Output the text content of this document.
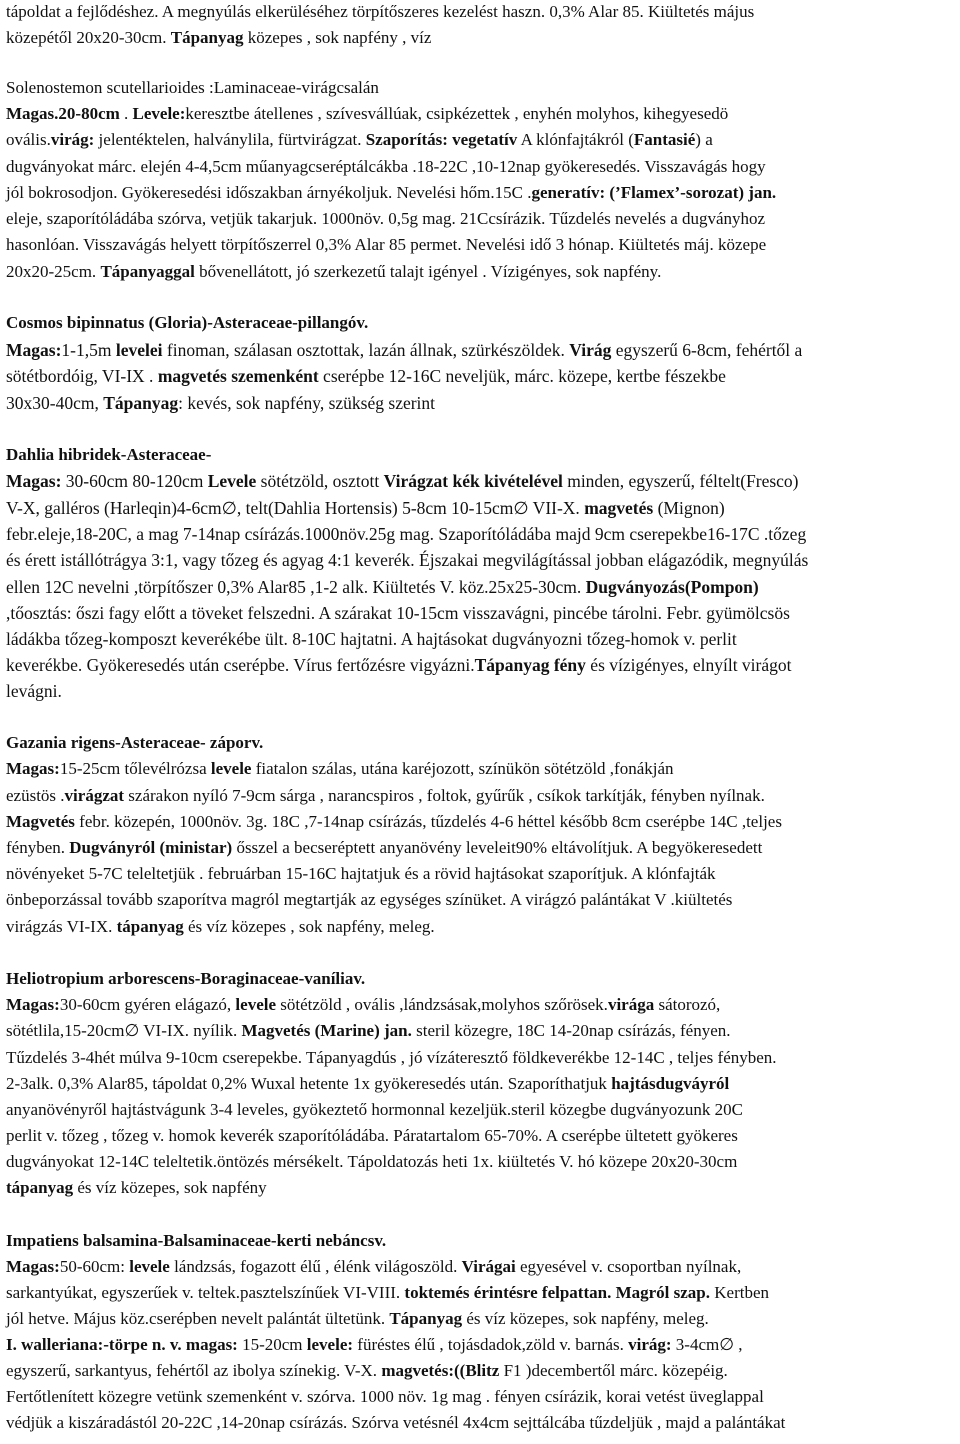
tápoldat a fejlődéshez. A megnyúlás elkerüléséhez törpítőszeres kezelést haszn. 0,3% Alar 85. Kiültetés május
közepétől 20x20-30cm. Tápanyag közepes , sok napfény , víz
Solenostemon scutellarioides :Laminaceae-virágcsalán
Magas.20-80cm . Levele:keresztbe átellenes , szívesvállúak, csipkézettek , enyhén molyhos, kihegyesedö
ovális.virág: jelentéktelen, halványlila, fürtvirágzat. Szaporítás: vegetatív A klónfajtákról (Fantasié) a
dugványokat márc. elején 4-4,5cm műanyagcseréptálcákba .18-22C ,10-12nap gyökeresedés. Visszavágás hogy
jól bokrosodjon. Gyökeresedési időszakban árnyékoljuk. Nevelési hőm.15C .generatív: (’Flamex’-sorozat) jan.
eleje, szaporítóládába szórva, vetjük takarjuk. 1000növ. 0,5g mag. 21Ccsírázik. Tűzdelés nevelés a dugványhoz
hasonlóan. Visszavágás helyett törpítőszerrel 0,3% Alar 85 permet. Nevelési idő 3 hónap. Kiültetés máj. közepe
20x20-25cm. Tápanyaggal bővenellátott, jó szerkezetű talajt igényel . Vízigényes, sok napfény.
Cosmos bipinnatus (Gloria)-Asteraceae-pillangóv.
Magas:1-1,5m levelei finoman, szálasan osztottak, lazán állnak, szürkészöldek. Virág egyszerű 6-8cm, fehértől a
sötétbordóig, VI-IX . magvetés szemenként cserépbe 12-16C neveljük, márc. közepe, kertbe fészekbe
30x30-40cm, Tápanyag: kevés, sok napfény, szükség szerint
Dahlia hibridek-Asteraceae-
Magas: 30-60cm 80-120cm Levele sötétzöld, osztott Virágzat kék kivételével minden, egyszerű, féltelt(Fresco)
V-X, galléros (Harleqin)4-6cm∅, telt(Dahlia Hortensis) 5-8cm 10-15cm∅ VII-X. magvetés (Mignon)
febr.eleje,18-20C, a mag 7-14nap csírázás.1000növ.25g mag. Szaporítóládába majd 9cm cserepekbe16-17C .tőzeg
és érett istállótrágya 3:1, vagy tőzeg és agyag 4:1 keverék. Éjszakai megvilágítással jobban elágazódik, megnyúlás
ellen 12C nevelni ,törpítőszer 0,3% Alar85 ,1-2 alk. Kiültetés V. köz.25x25-30cm. Dugványozás(Pompon)
,tőosztás: őszi fagy előtt a töveket felszedni. A szárakat 10-15cm visszavágni, pincébe tárolni. Febr. gyümölcsös
ládákba tőzeg-komposzt keverékébe ült. 8-10C hajtatni. A hajtásokat dugványozni tőzeg-homok v. perlit
keverékbe. Gyökeresedés után cserépbe. Vírus fertőzésre vigyázni.Tápanyag fény és vízigényes, elnyílt virágot
levágni.
Gazania rigens-Asteraceae- záporv.
Magas:15-25cm tőlevélrózsa levele fiatalon szálas, utána karéjozott, színükön sötétzöld ,fonákján
ezüstös .virágzat szárakon nyíló 7-9cm sárga , narancspiros , foltok, gyűrűk , csíkok tarkítják, fényben nyílnak.
Magvetés febr. közepén, 1000növ. 3g. 18C ,7-14nap csírázás, tűzdelés 4-6 héttel később 8cm cserépbe 14C ,teljes
fényben. Dugványról (ministar) ősszel a becseréptett anyanövény leveleit90% eltávolítjuk. A begyökeresedett
növényeket 5-7C teleltetjük . februárban 15-16C hajtatjuk és a rövid hajtásokat szaporítjuk. A klónfajták
önbeporzással tovább szaporítva magról megtartják az egységes színüket. A virágzó palántákat V .kiültetés
virágzás VI-IX. tápanyag és víz közepes , sok napfény, meleg.
Heliotropium arborescens-Boraginaceae-vaníliav.
Magas:30-60cm gyéren elágazó, levele sötétzöld , ovális ,lándzsásak,molyhos szőrösek.virága sátorozó,
sötétlila,15-20cm∅ VI-IX. nyílik. Magvetés (Marine) jan. steril közegre, 18C 14-20nap csírázás, fényen.
Tűzdelés 3-4hét múlva 9-10cm cserepekbe. Tápanyagdús , jó vízáteresztő földkeverékbe 12-14C , teljes fényben.
2-3alk. 0,3% Alar85, tápoldat 0,2% Wuxal hetente 1x gyökeresedés után. Szaporíthatjuk hajtásdugváyról
anyanövényről hajtástvágunk 3-4 leveles, gyökeztető hormonnal kezeljük.steril közegbe dugványozunk 20C
perlit v. tőzeg , tőzeg v. homok keverék szaporítóládába. Páratartalom 65-70%. A cserépbe ültetett gyökeres
dugványokat 12-14C teleltetik.öntözés mérsékelt. Tápoldatozás heti 1x. kiültetés V. hó közepe 20x20-30cm
tápanyag és víz közepes, sok napfény
Impatiens balsamina-Balsaminaceae-kerti nebáncsv.
Magas:50-60cm: levele lándzsás, fogazott élű , élénk világoszöld. Virágai egyesével v. csoportban nyílnak,
sarkantyúkat, egyszerűek v. teltek.pasztelszínűek VI-VIII. toktemés érintésre felpattan. Magról szap. Kertben
jól hetve. Május köz.cserépben nevelt palántát ültetünk. Tápanyag és víz közepes, sok napfény, meleg.
I. walleriana:-törpe n. v. magas: 15-20cm levele: füréstes élű , tojásdadok,zöld v. barnás. virág: 3-4cm∅ ,
egyszerű, sarkantyus, fehértől az ibolya színekig. V-X. magvetés:((Blitz F1 )decembertől márc. közepéig.
Fertőtlenített közegre vetünk szemenként v. szórva. 1000 növ. 1g mag . fényen csírázik, korai vetést üveglappal
védjük a kiszáradástól 20-22C ,14-20nap csírázás. Szórva vetésnél 4x4cm sejttálcába tűzdeljük , majd a palántákat
